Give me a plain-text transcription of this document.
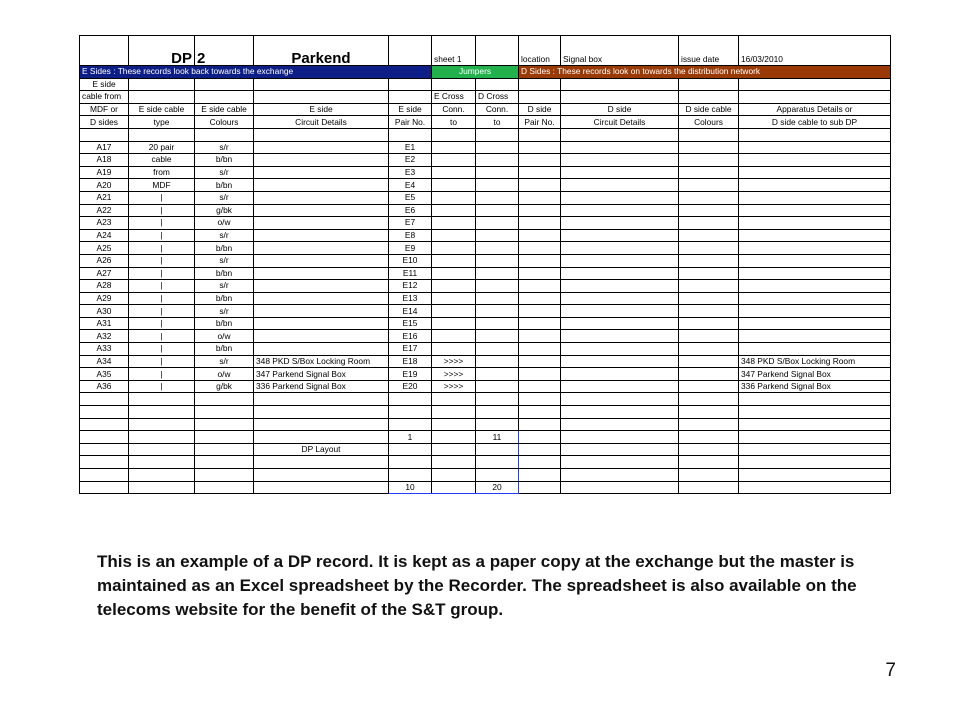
	DP	2	Parkend		sheet 1		location	Signal box	issue date	16/03/2010
E Sides : These records look back towards the exchange					Jumpers		D Sides : These records look on towards the distribution network			
E side										
cable from					E Cross	D Cross				
MDF or	E side cable	E side cable	E side	E side	Conn.	Conn.	D side	D side	D side cable	Apparatus Details or
D sides	type	Colours	Circuit Details	Pair No.	to	to	Pair No.	Circuit Details	Colours	D side cable to sub DP

A17	20 pair	s/r		E1						
A18	cable	b/bn		E2						
A19	from	s/r		E3						
A20	MDF	b/bn		E4						
A21	|	s/r		E5						
A22	|	g/bk		E6						
A23	|	o/w		E7						
A24	|	s/r		E8						
A25	|	b/bn		E9						
A26	|	s/r		E10						
A27	|	b/bn		E11						
A28	|	s/r		E12						
A29	|	b/bn		E13						
A30	|	s/r		E14						
A31	|	b/bn		E15						
A32	|	o/w		E16						
A33	|	b/bn		E17						
A34	|	s/r	348 PKD S/Box Locking Room	E18	>>>>					348 PKD S/Box Locking Room
A35	|	o/w	347 Parkend Signal Box	E19	>>>>					347 Parkend Signal Box
A36	|	g/bk	336 Parkend Signal Box	E20	>>>>					336 Parkend Signal Box

				1		11				
			DP Layout							

				10		20				

This is an example of a DP record. It is kept as a paper copy at the exchange but the master is maintained as an Excel spreadsheet by the Recorder. The spreadsheet is also available on the telecoms website for the benefit of the S&T group.

7
